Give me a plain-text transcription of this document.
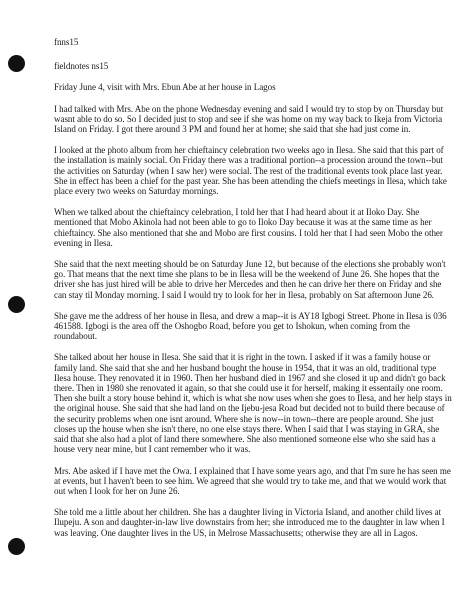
fnns15

fieldnotes ns15

Friday June 4, visit with Mrs. Ebun Abe at her house in Lagos

I had talked with Mrs. Abe on the phone Wednesday evening and said I would try to stop by on Thursday but wasnt able to do so. So I decided just to stop and see if she was home on my way back to Ikeja from Victoria Island on Friday. I got there around 3 PM and found her at home; she said that she had just come in.

I looked at the photo album from her chieftaincy celebration two weeks ago in Ilesa. She said that this part of the installation is mainly social. On Friday there was a traditional portion--a procession around the town--but the activities on Saturday (when I saw her) were social. The rest of the traditional events took place last year. She in effect has been a chief for the past year. She has been attending the chiefs meetings in Ilesa, which take place every two weeks on Saturday mornings.

When we talked about the chieftaincy celebration, I told her that I had heard about it at Iloko Day. She mentioned that Mobo Akinola had not been able to go to Iloko Day because it was at the same time as her chieftaincy. She also mentioned that she and Mobo are first cousins. I told her that I had seen Mobo the other evening in Ilesa.

She said that the next meeting should be on Saturday June 12, but because of the elections she probably won't go. That means that the next time she plans to be in Ilesa will be the weekend of June 26. She hopes that the driver she has just hired will be able to drive her Mercedes and then he can drive her there on Friday and she can stay til Monday morning. I said I would try to look for her in Ilesa, probably on Sat afternoon June 26.

She gave me the address of her house in Ilesa, and drew a map--it is AY18 Igbogi Street. Phone in Ilesa is 036 461588. Igbogi is the area off the Oshogbo Road, before you get to Ishokun, when coming from the roundabout.

She talked about her house in Ilesa. She said that it is right in the town. I asked if it was a family house or family land. She said that she and her husband bought the house in 1954, that it was an old, traditional type Ilesa house. They renovated it in 1960. Then her husband died in 1967 and she closed it up and didn't go back there. Then in 1980 she renovated it again, so that she could use it for herself, making it essentaily one room. Then she built a story house behind it, which is what she now uses when she goes to Ilesa, and her help stays in the original house. She said that she had land on the Ijebu-jesa Road but decided not to build there because of the security problems when one isnt around. Where she is now--in town--there are people around. She just closes up the house when she isn't there, no one else stays there. When I said that I was staying in GRA, she said that she also had a plot of land there somewhere. She also mentioned someone else who she said has a house very near mine, but I cant remember who it was.

Mrs. Abe asked if I have met the Owa. I explained that I have some years ago, and that I'm sure he has seen me at events, but I haven't been to see him. We agreed that she would try to take me, and that we would work that out when I look for her on June 26.

She told me a little about her children. She has a daughter living in Victoria Island, and another child lives at Ilupeju. A son and daughter-in-law live downstairs from her; she introduced me to the daughter in law when I was leaving. One daughter lives in the US, in Melrose Massachusetts; otherwise they are all in Lagos.
